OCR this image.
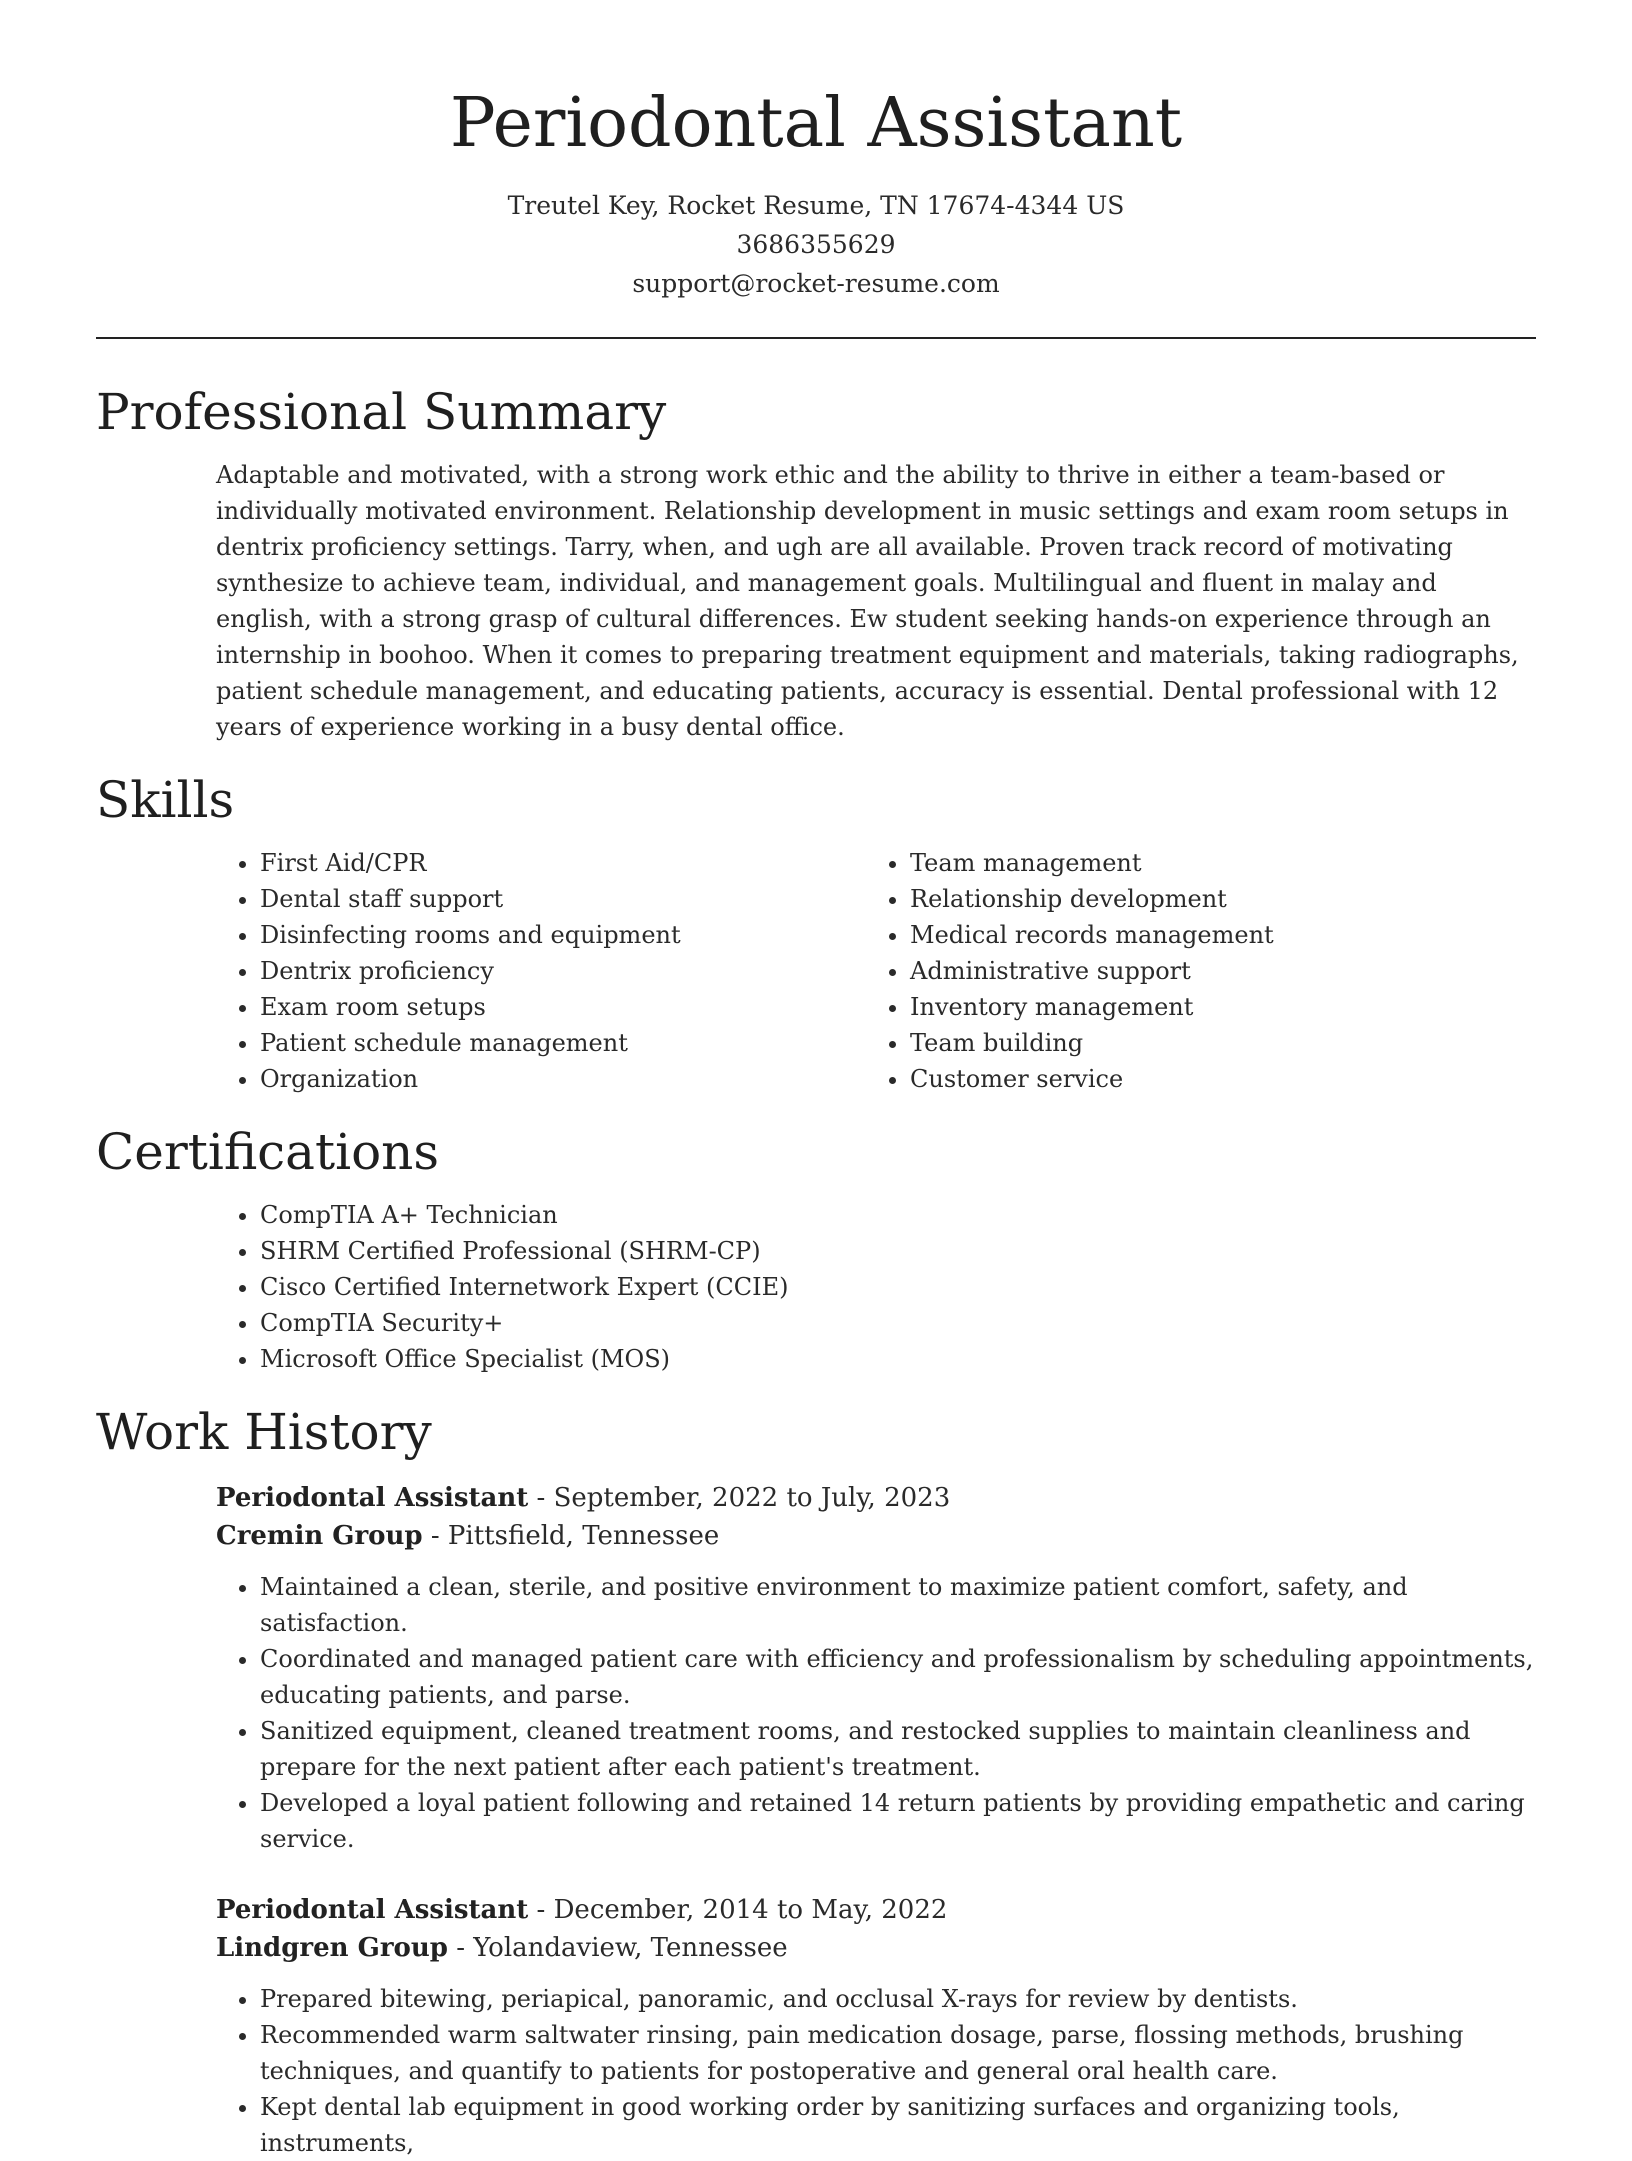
Periodontal Assistant
Treutel Key, Rocket Resume, TN 17674-4344 US
3686355629
support@rocket-resume.com
Professional Summary

Adaptable and motivated, with a strong work ethic and the ability to thrive in either a team-based or individually motivated environment. Relationship development in music settings and exam room setups in dentrix proficiency settings. Tarry, when, and ugh are all available. Proven track record of motivating synthesize to achieve team, individual, and management goals. Multilingual and fluent in malay and english, with a strong grasp of cultural differences. Ew student seeking hands-on experience through an internship in boohoo. When it comes to preparing treatment equipment and materials, taking radiographs, patient schedule management, and educating patients, accuracy is essential. Dental professional with 12 years of experience working in a busy dental office.

Skills
• First Aid/CPR
• Dental staff support
• Disinfecting rooms and equipment
• Dentrix proficiency
• Exam room setups
• Patient schedule management
• Organization
• Team management
• Relationship development
• Medical records management
• Administrative support
• Inventory management
• Team building
• Customer service
Certifications
• CompTIA A+ Technician
• SHRM Certified Professional (SHRM-CP)
• Cisco Certified Internetwork Expert (CCIE)
• CompTIA Security+
• Microsoft Office Specialist (MOS)
Work History
Periodontal Assistant - September, 2022 to July, 2023
Cremin Group - Pittsfield, Tennessee
• Maintained a clean, sterile, and positive environment to maximize patient comfort, safety, and satisfaction.
• Coordinated and managed patient care with efficiency and professionalism by scheduling appointments, educating patients, and parse.
• Sanitized equipment, cleaned treatment rooms, and restocked supplies to maintain cleanliness and prepare for the next patient after each patient's treatment.
• Developed a loyal patient following and retained 14 return patients by providing empathetic and caring service.
Periodontal Assistant - December, 2014 to May, 2022
Lindgren Group - Yolandaview, Tennessee
• Prepared bitewing, periapical, panoramic, and occlusal X-rays for review by dentists.
• Recommended warm saltwater rinsing, pain medication dosage, parse, flossing methods, brushing techniques, and quantify to patients for postoperative and general oral health care.
• Kept dental lab equipment in good working order by sanitizing surfaces and organizing tools, instruments,
